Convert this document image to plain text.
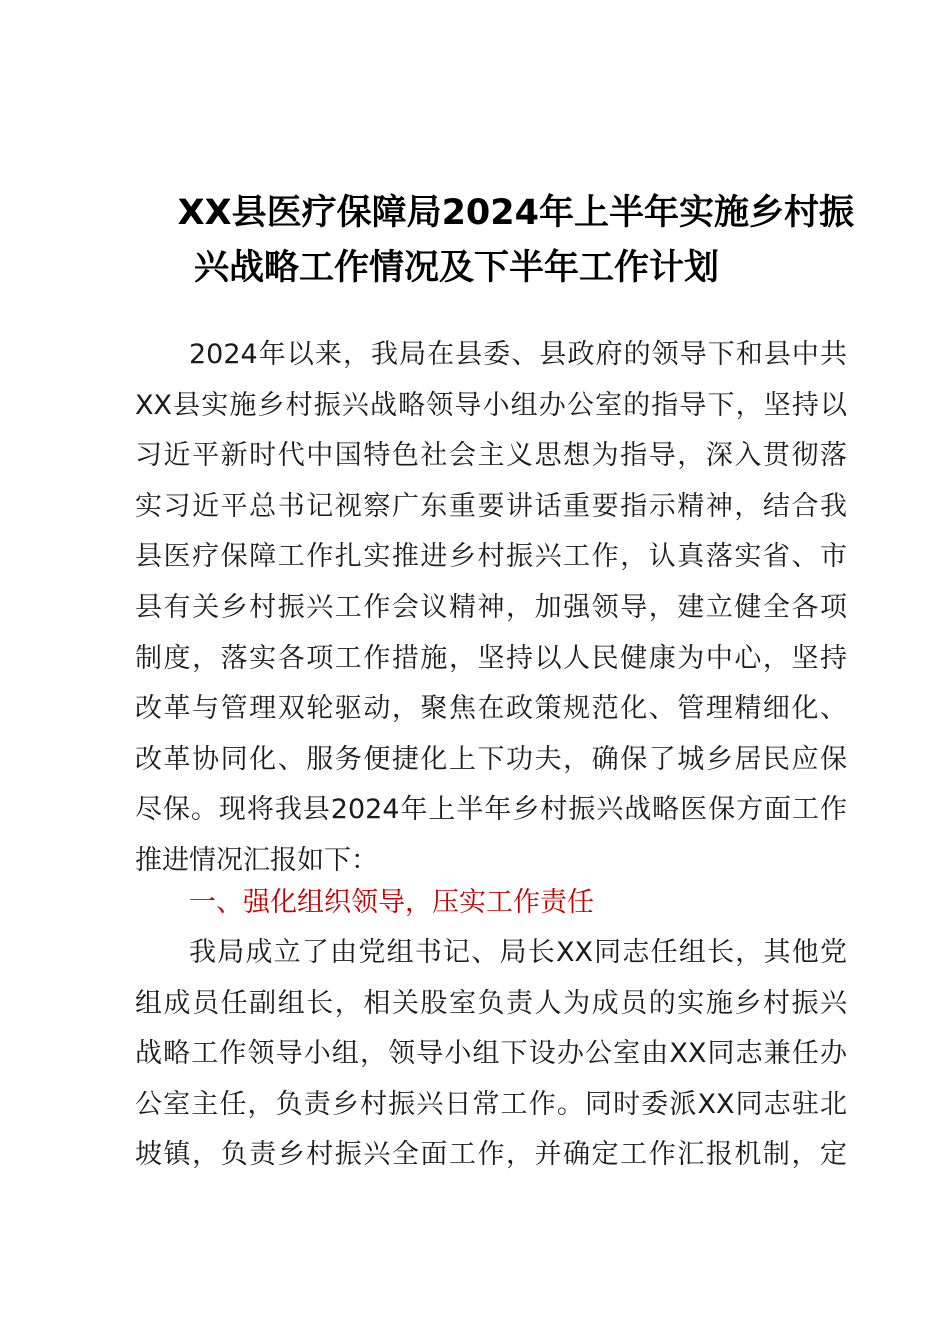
XX县医疗保障局2024年上半年实施乡村振
兴战略工作情况及下半年工作计划
2024年以来，我局在县委、县政府的领导下和县中共
XX县实施乡村振兴战略领导小组办公室的指导下，坚持以
习近平新时代中国特色社会主义思想为指导，深入贯彻落
实习近平总书记视察广东重要讲话重要指示精神，结合我
县医疗保障工作扎实推进乡村振兴工作，认真落实省、市
县有关乡村振兴工作会议精神，加强领导，建立健全各项
制度，落实各项工作措施，坚持以人民健康为中心，坚持
改革与管理双轮驱动，聚焦在政策规范化、管理精细化、
改革协同化、服务便捷化上下功夫，确保了城乡居民应保
尽保。现将我县2024年上半年乡村振兴战略医保方面工作
推进情况汇报如下：
一、强化组织领导，压实工作责任
我局成立了由党组书记、局长XX同志任组长，其他党
组成员任副组长，相关股室负责人为成员的实施乡村振兴
战略工作领导小组，领导小组下设办公室由XX同志兼任办
公室主任，负责乡村振兴日常工作。同时委派XX同志驻北
坡镇，负责乡村振兴全面工作，并确定工作汇报机制，定
